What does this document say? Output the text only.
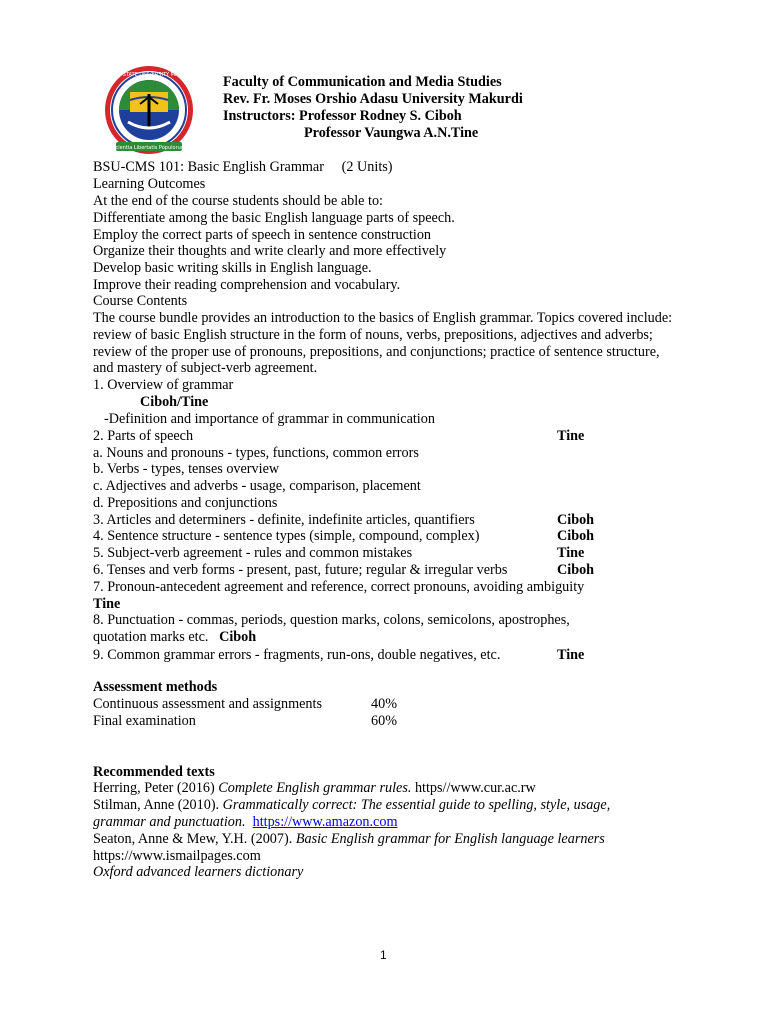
Scientia Libertatis Populorum
BENUE STATE UNIVERSITY MAKURDI Faculty of Communication and Media Studies
Rev. Fr. Moses Orshio Adasu University Makurdi
Instructors: Professor Rodney S. Ciboh
Professor Vaungwa A.N.Tine
BSU-CMS 101: Basic English Grammar (2 Units)
Learning Outcomes
At the end of the course students should be able to:
Differentiate among the basic English language parts of speech.
Employ the correct parts of speech in sentence construction
Organize their thoughts and write clearly and more effectively
Develop basic writing skills in English language.
Improve their reading comprehension and vocabulary.
Course Contents
The course bundle provides an introduction to the basics of English grammar. Topics covered include: review of basic English structure in the form of nouns, verbs, prepositions, adjectives and adverbs; review of the proper use of pronouns, prepositions, and conjunctions; practice of sentence structure, and mastery of subject-verb agreement.
1. Overview of grammar
Ciboh/Tine
-Definition and importance of grammar in communication
2. Parts of speech	Tine
a. Nouns and pronouns - types, functions, common errors
b. Verbs - types, tenses overview
c. Adjectives and adverbs - usage, comparison, placement
d. Prepositions and conjunctions
3. Articles and determiners - definite, indefinite articles, quantifiers	Ciboh
4. Sentence structure - sentence types (simple, compound, complex)	Ciboh
5. Subject-verb agreement - rules and common mistakes	Tine
6. Tenses and verb forms - present, past, future; regular & irregular verbs	Ciboh
7. Pronoun-antecedent agreement and reference, correct pronouns, avoiding ambiguity
Tine
8. Punctuation - commas, periods, question marks, colons, semicolons, apostrophes,
quotation marks etc. Ciboh
9. Common grammar errors - fragments, run-ons, double negatives, etc.	Tine
Assessment methods
Continuous assessment and assignments	40%
Final examination	60%
Recommended texts
Herring, Peter (2016) Complete English grammar rules. https//www.cur.ac.rw
Stilman, Anne (2010). Grammatically correct: The essential guide to spelling, style, usage,
grammar and punctuation. https://www.amazon.com
Seaton, Anne & Mew, Y.H. (2007). Basic English grammar for English language learners
https://www.ismailpages.com
Oxford advanced learners dictionary
1
